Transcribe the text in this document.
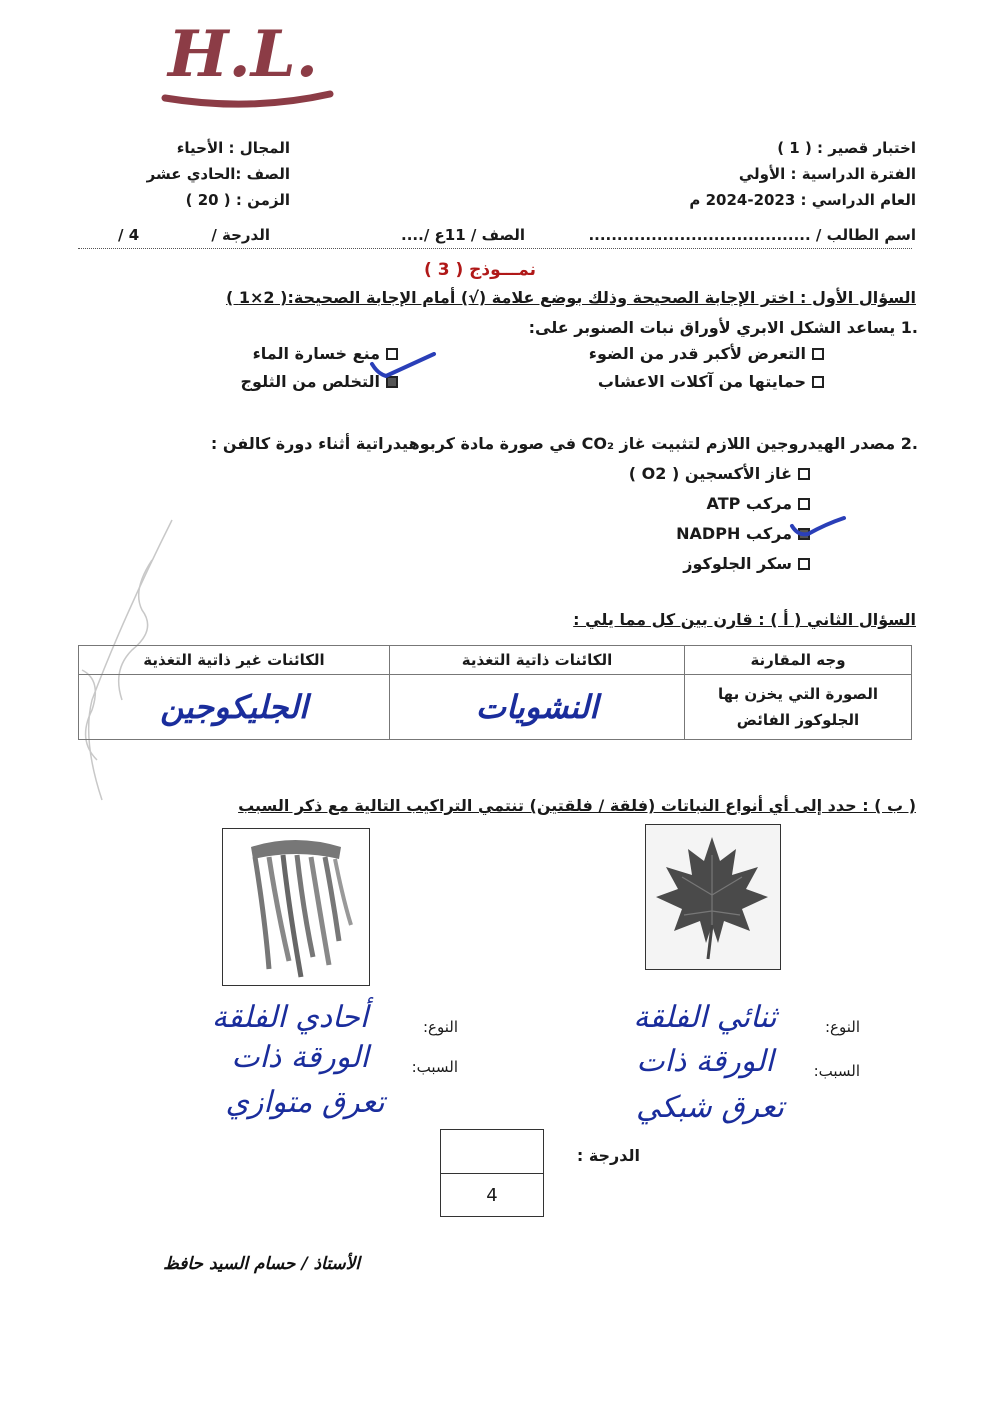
H.L.
اختبار قصير : ( 1 )
الفترة الدراسية : الأولي
العام الدراسي : 2023-2024 م
المجال : الأحياء
الصف :الحادي عشر
الزمن : ( 20 )
اسم الطالب / .......................................
الصف / 11ع /....
الدرجة /
/ 4
نمـــوذج ( 3 )
السؤال الأول : اختر الإجابة الصحيحة وذلك بوضع علامة (√) أمام الإجابة الصحيحة:( 2×1 )
.1 يساعد الشكل الابري لأوراق نبات الصنوبر على:
التعرض لأكبر قدر من الضوء
منع خسارة الماء
حمايتها من آكلات الاعشاب
التخلص من الثلوج
.2 مصدر الهيدروجين اللازم لتثبيت غاز CO₂ في صورة مادة كربوهيدراتية أثناء دورة كالفن :
غاز الأكسجين ( O2 )
مركب ATP
مركب NADPH
سكر الجلوكوز
السؤال الثاني ( أ ) : قارن بين كل مما يلي :
وجه المقارنة	الكائنات ذاتية التغذية	الكائنات غير ذاتية التغذية
الصورة التي يخزن بها الجلوكوز الفائض	النشويات	الجليكوجين
( ب ) : حدد إلى أي أنواع النباتات (فلقة / فلقتين) تنتمي التراكيب التالية مع ذكر السبب
النوع:
ثنائي الفلقة
السبب:
الورقة ذات
تعرق شبكي
النوع:
أحادي الفلقة
السبب:
الورقة ذات
تعرق متوازي
الدرجة :
4
الأستاذ / حسام السيد حافظ
